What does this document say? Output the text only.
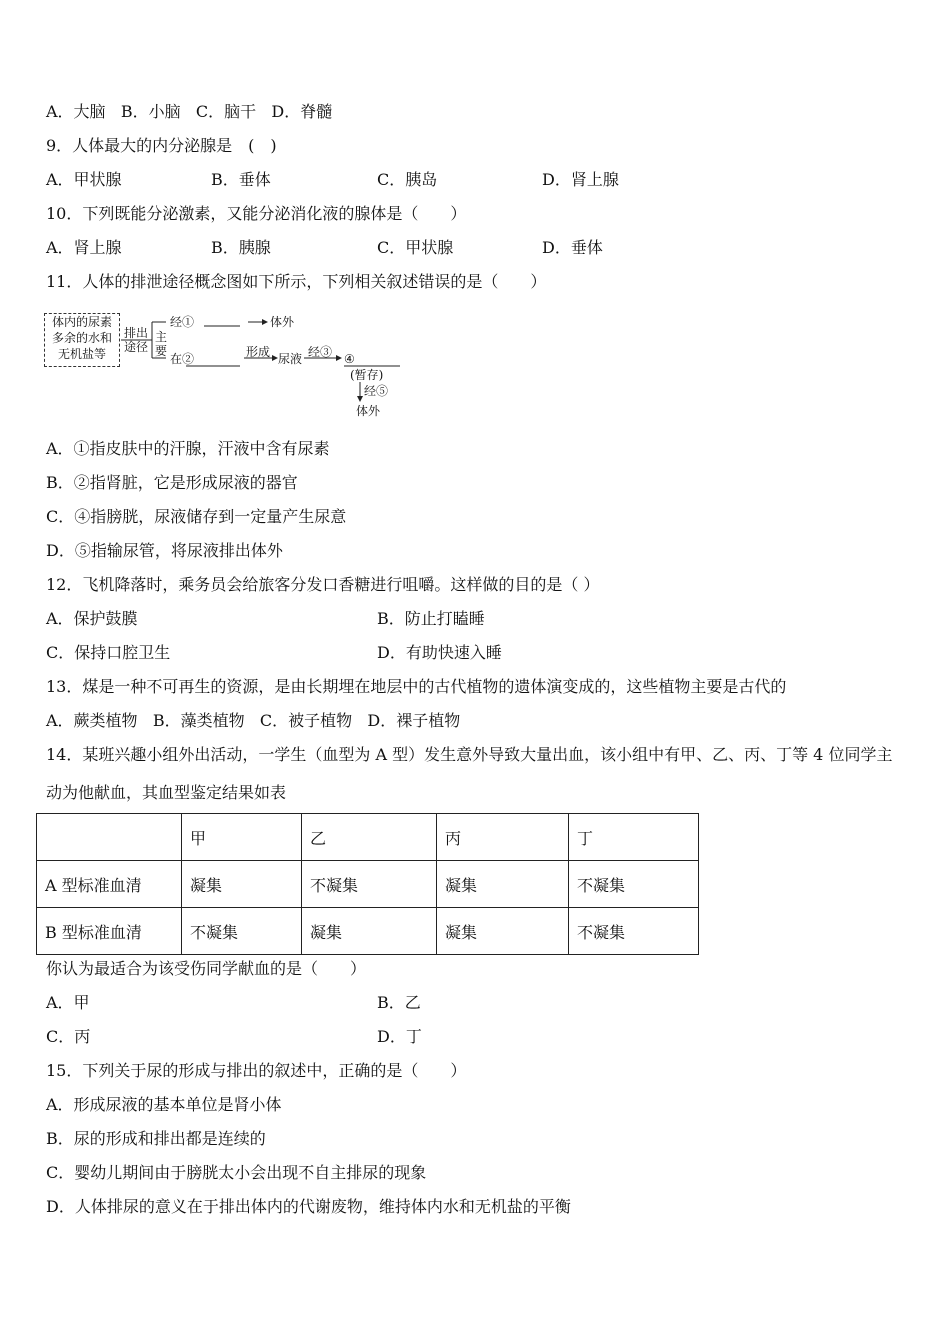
A．大脑 B．小脑 C．脑干 D．脊髓
9．人体最大的内分泌腺是　(　)
A．甲状腺	B．垂体	C．胰岛	D．肾上腺
10．下列既能分泌激素，又能分泌消化液的腺体是（　　）
A．肾上腺	B．胰腺	C．甲状腺	D．垂体
11．人体的排泄途径概念图如下所示，下列相关叙述错误的是（　　）
体内的尿素
多余的水和
无机盐等
排出
途径
主
要
经①	体外
在②	形成 尿液 经③ ④
(暂存)
经⑤
体外
A．①指皮肤中的汗腺，汗液中含有尿素
B．②指肾脏，它是形成尿液的器官
C．④指膀胱，尿液储存到一定量产生尿意
D．⑤指输尿管，将尿液排出体外
12．飞机降落时，乘务员会给旅客分发口香糖进行咀嚼。这样做的目的是（ ）
A．保护鼓膜	B．防止打瞌睡
C．保持口腔卫生	D．有助快速入睡
13．煤是一种不可再生的资源，是由长期埋在地层中的古代植物的遗体演变成的，这些植物主要是古代的
A．蕨类植物 B．藻类植物 C．被子植物 D．裸子植物
14．某班兴趣小组外出活动，一学生（血型为 A 型）发生意外导致大量出血，该小组中有甲、乙、丙、丁等 4 位同学主
动为他献血，其血型鉴定结果如表
	甲	乙	丙	丁
A 型标准血清	凝集	不凝集	凝集	不凝集
B 型标准血清	不凝集	凝集	凝集	不凝集
你认为最适合为该受伤同学献血的是（　　）
A．甲	B．乙
C．丙	D．丁
15．下列关于尿的形成与排出的叙述中，正确的是（　　）
A．形成尿液的基本单位是肾小体
B．尿的形成和排出都是连续的
C．婴幼儿期间由于膀胱太小会出现不自主排尿的现象
D．人体排尿的意义在于排出体内的代谢废物，维持体内水和无机盐的平衡
